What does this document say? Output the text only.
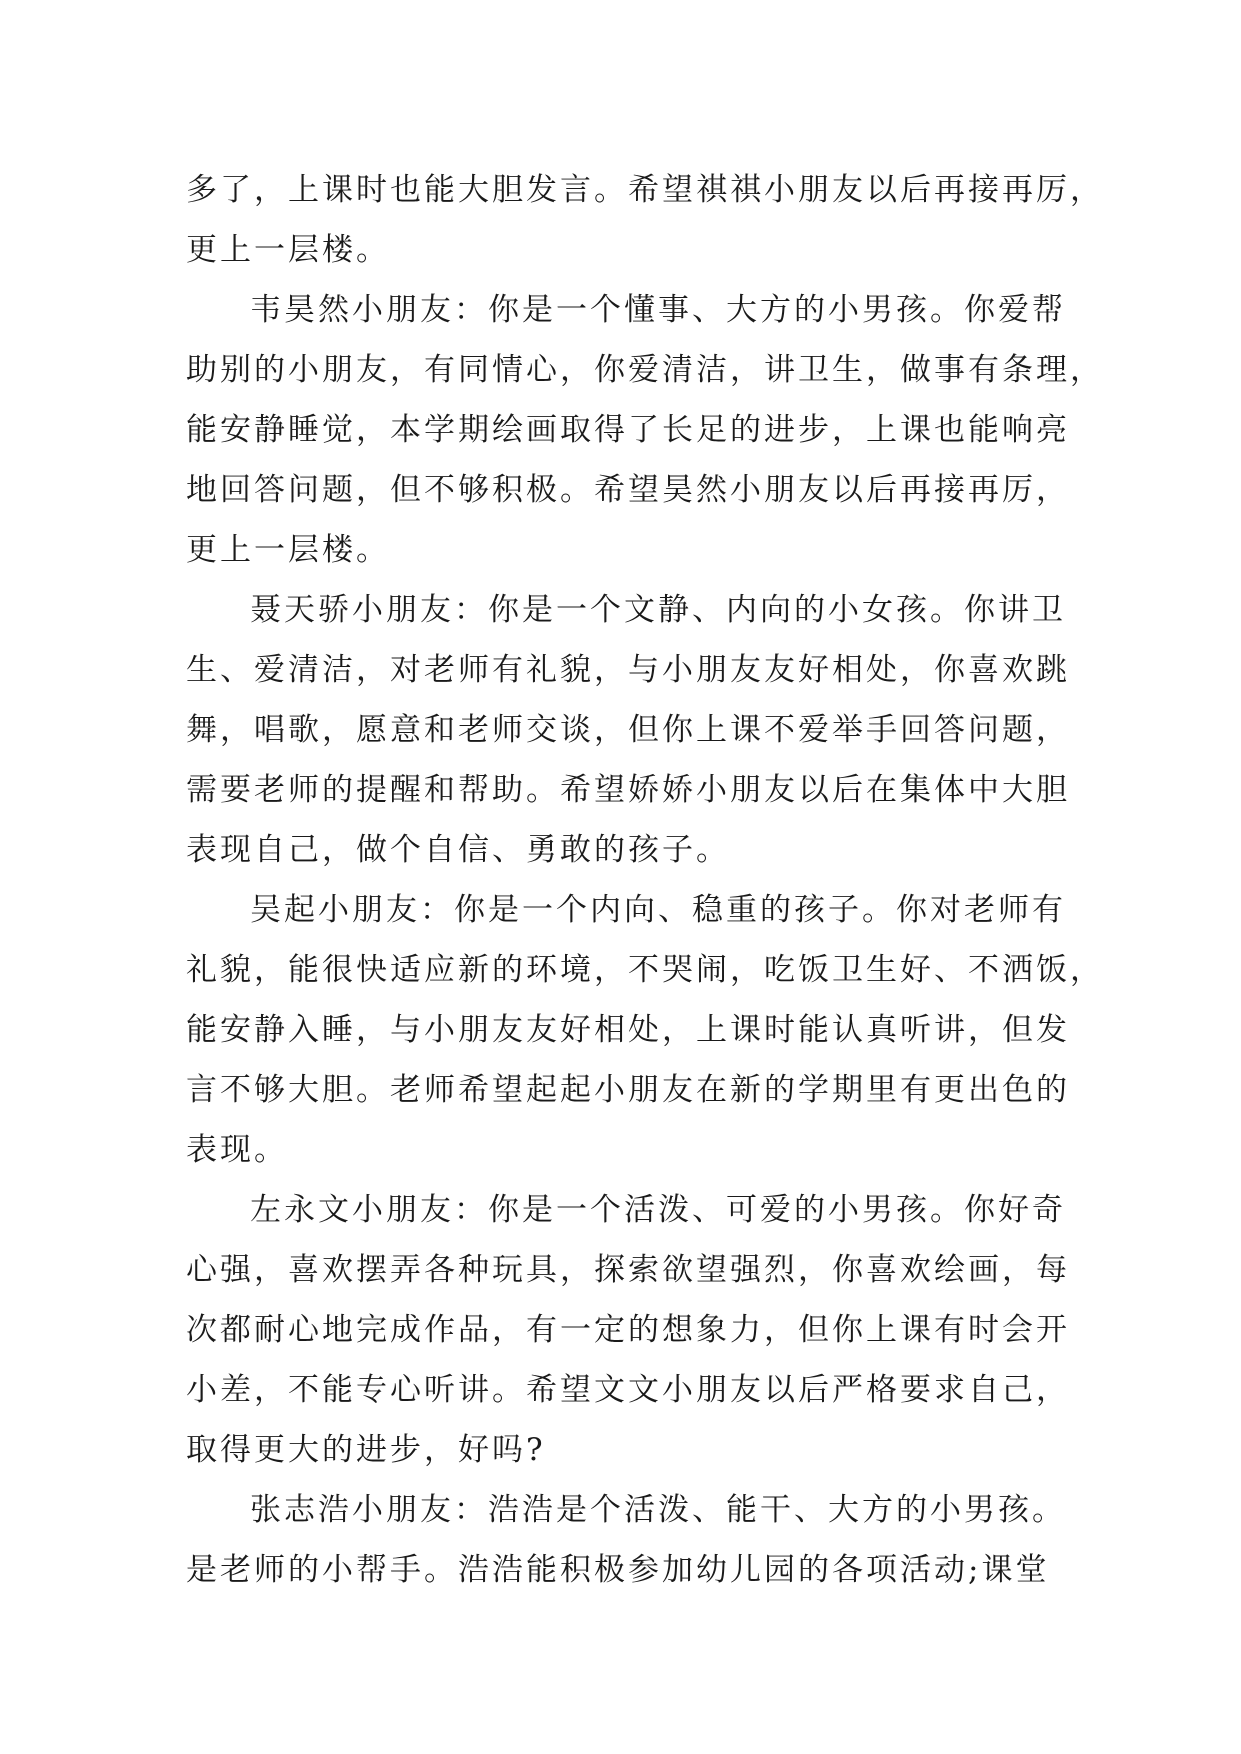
多了，上课时也能大胆发言。希望祺祺小朋友以后再接再厉，
更上一层楼。
韦昊然小朋友：你是一个懂事、大方的小男孩。你爱帮
助别的小朋友，有同情心，你爱清洁，讲卫生，做事有条理，
能安静睡觉，本学期绘画取得了长足的进步，上课也能响亮
地回答问题，但不够积极。希望昊然小朋友以后再接再厉，
更上一层楼。
聂天骄小朋友：你是一个文静、内向的小女孩。你讲卫
生、爱清洁，对老师有礼貌，与小朋友友好相处，你喜欢跳
舞，唱歌，愿意和老师交谈，但你上课不爱举手回答问题，
需要老师的提醒和帮助。希望娇娇小朋友以后在集体中大胆
表现自己，做个自信、勇敢的孩子。
吴起小朋友：你是一个内向、稳重的孩子。你对老师有
礼貌，能很快适应新的环境，不哭闹，吃饭卫生好、不洒饭，
能安静入睡，与小朋友友好相处，上课时能认真听讲，但发
言不够大胆。老师希望起起小朋友在新的学期里有更出色的
表现。
左永文小朋友：你是一个活泼、可爱的小男孩。你好奇
心强，喜欢摆弄各种玩具，探索欲望强烈，你喜欢绘画，每
次都耐心地完成作品，有一定的想象力，但你上课有时会开
小差，不能专心听讲。希望文文小朋友以后严格要求自己，
取得更大的进步，好吗?
张志浩小朋友：浩浩是个活泼、能干、大方的小男孩。
是老师的小帮手。浩浩能积极参加幼儿园的各项活动;课堂
